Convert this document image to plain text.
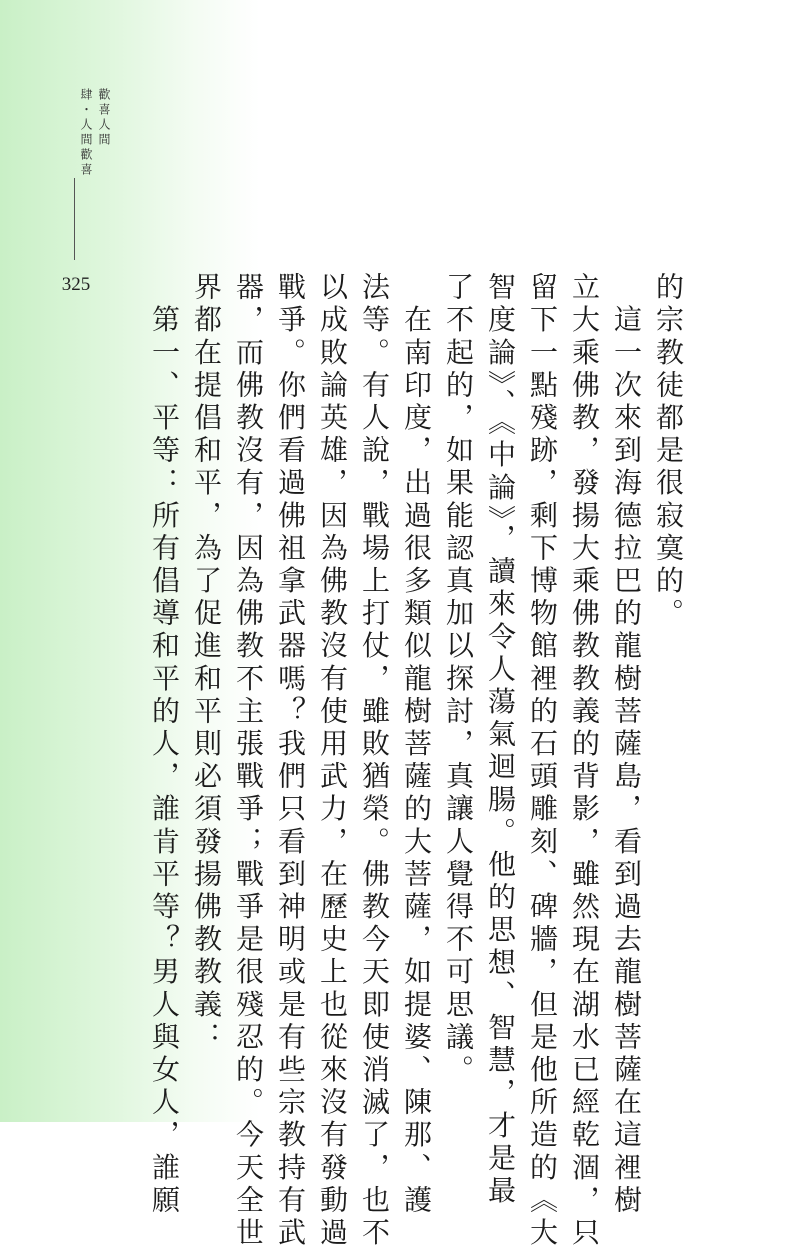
歡喜人間
肆・人間歡喜
325	的宗教徒都是很寂寞的。
　這一次來到海德拉巴的龍樹菩薩島，看到過去龍樹菩薩在這裡樹
立大乘佛教，發揚大乘佛教教義的背影，雖然現在湖水已經乾涸，只
留下一點殘跡，剩下博物館裡的石頭雕刻、碑牆，但是他所造的《大
智度論》、《中論》，讀來令人蕩氣迴腸。他的思想、智慧，才是最
了不起的，如果能認真加以探討，真讓人覺得不可思議。
　在南印度，出過很多類似龍樹菩薩的大菩薩，如提婆、陳那、護
法等。有人說，戰場上打仗，雖敗猶榮。佛教今天即使消滅了，也不
以成敗論英雄，因為佛教沒有使用武力，在歷史上也從來沒有發動過
戰爭。你們看過佛祖拿武器嗎？我們只看到神明或是有些宗教持有武
器，而佛教沒有，因為佛教不主張戰爭；戰爭是很殘忍的。今天全世
界都在提倡和平，為了促進和平則必須發揚佛教教義：
　第一、平等：所有倡導和平的人，誰肯平等？男人與女人，誰願
